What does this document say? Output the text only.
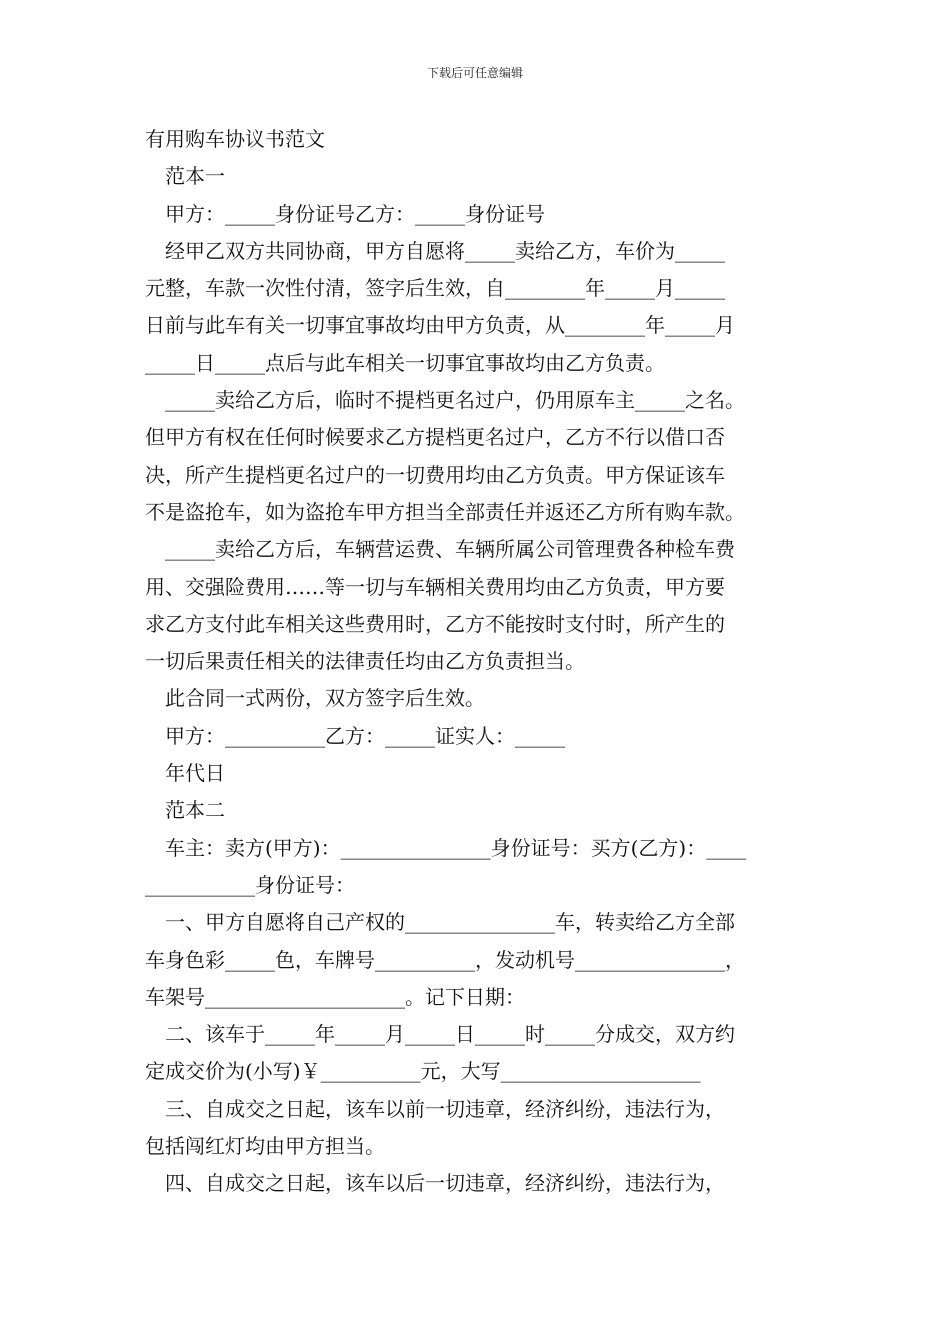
下载后可任意编辑
有用购车协议书范文
　范本一
　甲方：_____身份证号乙方：_____身份证号
　经甲乙双方共同协商，甲方自愿将_____卖给乙方，车价为_____
元整，车款一次性付清，签字后生效，自________年_____月_____
日前与此车有关一切事宜事故均由甲方负责，从________年_____月
_____日_____点后与此车相关一切事宜事故均由乙方负责。
　_____卖给乙方后，临时不提档更名过户，仍用原车主_____之名。
但甲方有权在任何时候要求乙方提档更名过户，乙方不行以借口否
决，所产生提档更名过户的一切费用均由乙方负责。甲方保证该车
不是盗抢车，如为盗抢车甲方担当全部责任并返还乙方所有购车款。
　_____卖给乙方后，车辆营运费、车辆所属公司管理费各种检车费
用、交强险费用……等一切与车辆相关费用均由乙方负责，甲方要
求乙方支付此车相关这些费用时，乙方不能按时支付时，所产生的
一切后果责任相关的法律责任均由乙方负责担当。
　此合同一式两份，双方签字后生效。
　甲方：__________乙方：_____证实人：_____
　年代日
　范本二
　车主：卖方(甲方)：_______________身份证号：买方(乙方)：____
___________身份证号：
　一、甲方自愿将自己产权的_______________车，转卖给乙方全部
车身色彩_____色，车牌号__________，发动机号_______________，
车架号____________________。记下日期：
　二、该车于_____年_____月_____日_____时_____分成交，双方约
定成交价为(小写)￥__________元，大写____________________
　三、自成交之日起，该车以前一切违章，经济纠纷，违法行为，
包括闯红灯均由甲方担当。
　四、自成交之日起，该车以后一切违章，经济纠纷，违法行为，
